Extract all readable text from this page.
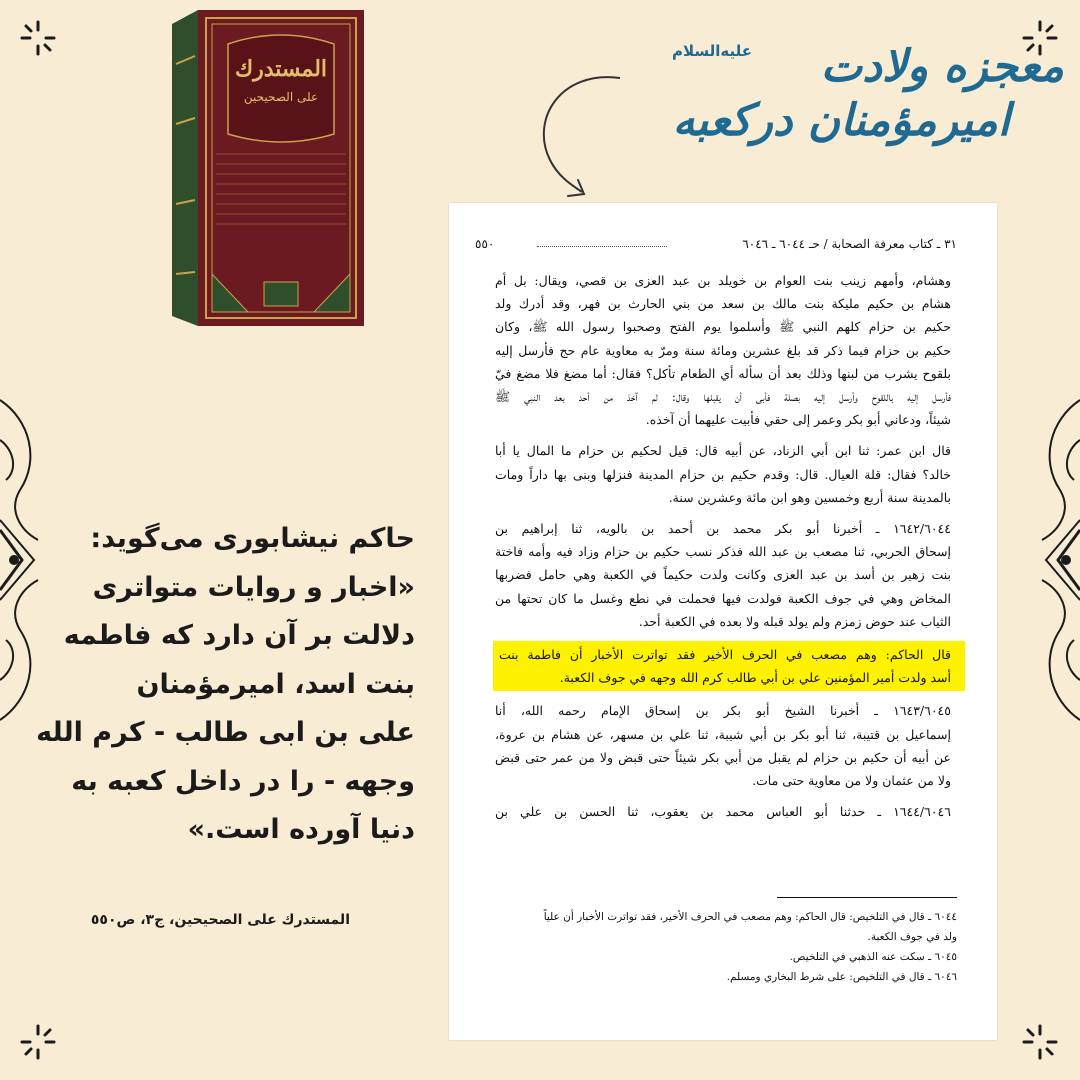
المستدرك
على الصحيحين
علیه‌السلام	معجزه ولادت
امیرمؤمنان درکعبه

حاکم نیشابوری می‌گوید:

«اخبار و روایات متواتری

دلالت بر آن دارد که فاطمه

بنت اسد، امیرمؤمنان

علی بن ابی طالب - کرم الله

وجهه - را در داخل کعبه به

دنیا آورده است.»

المستدرك على الصحيحين، ج٣، ص٥٥٠
٣١ ـ كتاب معرفة الصحابة / حـ ٦٠٤٤ ـ ٦٠٤٦
٥٥٠
وهشام، وأمهم زينب بنت العوام بن خويلد بن عبد العزى بن قصي، ويقال: بل أم
هشام بن حكيم مليكة بنت مالك بن سعد من بني الحارث بن فهر، وقد أدرك ولد
حكيم بن حزام كلهم النبي ﷺ وأسلموا يوم الفتح وصحبوا رسول الله ﷺ، وكان
حكيم بن حزام فيما ذكر قد بلغ عشرين ومائة سنة ومرّ به معاوية عام حج فأرسل إليه
بلقوح يشرب من لبنها وذلك بعد أن سأله أي الطعام تأكل؟ فقال: أما مضغ فلا مضغ فيّ
فأرسل إليه باللقوح وأرسل إليه بصلة فأبى أن يقبلها وقال: لم آخذ من أحد بعد النبي ﷺ
شيئاً، ودعاني أبو بكر وعمر إلى حقي فأبيت عليهما أن آخذه.
قال ابن عمر: ثنا ابن أبي الزناد، عن أبيه قال: قيل لحكيم بن حزام ما المال يا أبا
خالد؟ فقال: قلة العيال. قال: وقدم حكيم بن حزام المدينة فنزلها وبنى بها داراً ومات
بالمدينة سنة أربع وخمسين وهو ابن مائة وعشرين سنة.
١٦٤٢/٦٠٤٤ ـ أخبرنا أبو بكر محمد بن أحمد بن بالويه، ثنا إبراهيم بن
إسحاق الحربي، ثنا مصعب بن عبد الله فذكر نسب حكيم بن حزام وزاد فيه وأمه فاختة
بنت زهير بن أسد بن عبد العزى وكانت ولدت حكيماً في الكعبة وهي حامل فضربها
المخاض وهي في جوف الكعبة فولدت فيها فحملت في نطع وغسل ما كان تحتها من
الثياب عند حوض زمزم ولم يولد قبله ولا بعده في الكعبة أحد.
قال الحاكم: وهم مصعب في الحرف الأخير فقد تواترت الأخبار أن فاطمة بنت
أسد ولدت أمير المؤمنين علي بن أبي طالب كرم الله وجهه في جوف الكعبة.
١٦٤٣/٦٠٤٥ ـ أخبرنا الشيخ أبو بكر بن إسحاق الإمام رحمه الله، أنا
إسماعيل بن قتيبة، ثنا أبو بكر بن أبي شيبة، ثنا علي بن مسهر، عن هشام بن عروة،
عن أبيه أن حكيم بن حزام لم يقبل من أبي بكر شيئاً حتى قبض ولا من عمر حتى قبض
ولا من عثمان ولا من معاوية حتى مات.
١٦٤٤/٦٠٤٦ ـ حدثنا أبو العباس محمد بن يعقوب، ثنا الحسن بن علي بن
٦٠٤٤ ـ قال في التلخيص: قال الحاكم: وهم مصعب في الحرف الأخير، فقد تواترت الأخبار أن علياً
ولد في جوف الكعبة.
٦٠٤٥ ـ سكت عنه الذهبي في التلخيص.
٦٠٤٦ ـ قال في التلخيص: على شرط البخاري ومسلم.
